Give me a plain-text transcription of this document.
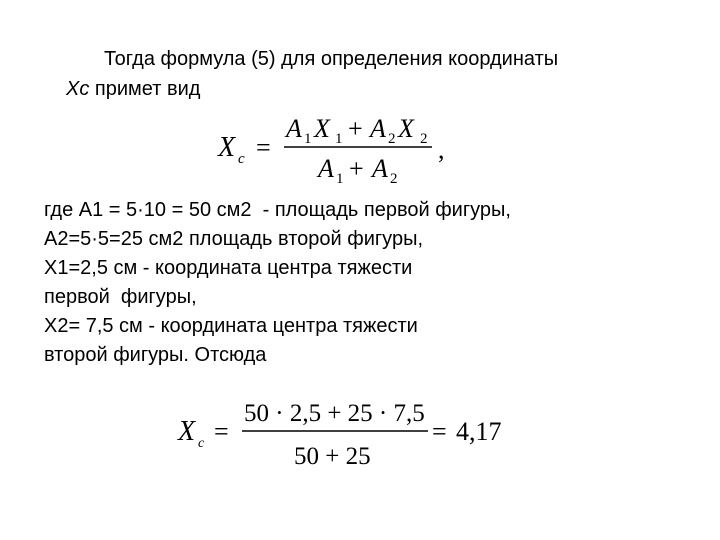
Тогда формула (5) для определения координаты
Xc примет вид
X c =
A 1 X 1 + A 2 X 2
A 1 + A 2
,
X c =
50 · 2,5 + 25 · 7,5
50 + 25
= 4,17
где А1 = 5·10 = 50 см2  - площадь первой фигуры,
А2=5·5=25 см2 площадь второй фигуры,
Х1=2,5 см - координата центра тяжести
первой  фигуры,
Х2= 7,5 см - координата центра тяжести
второй фигуры. Отсюда
